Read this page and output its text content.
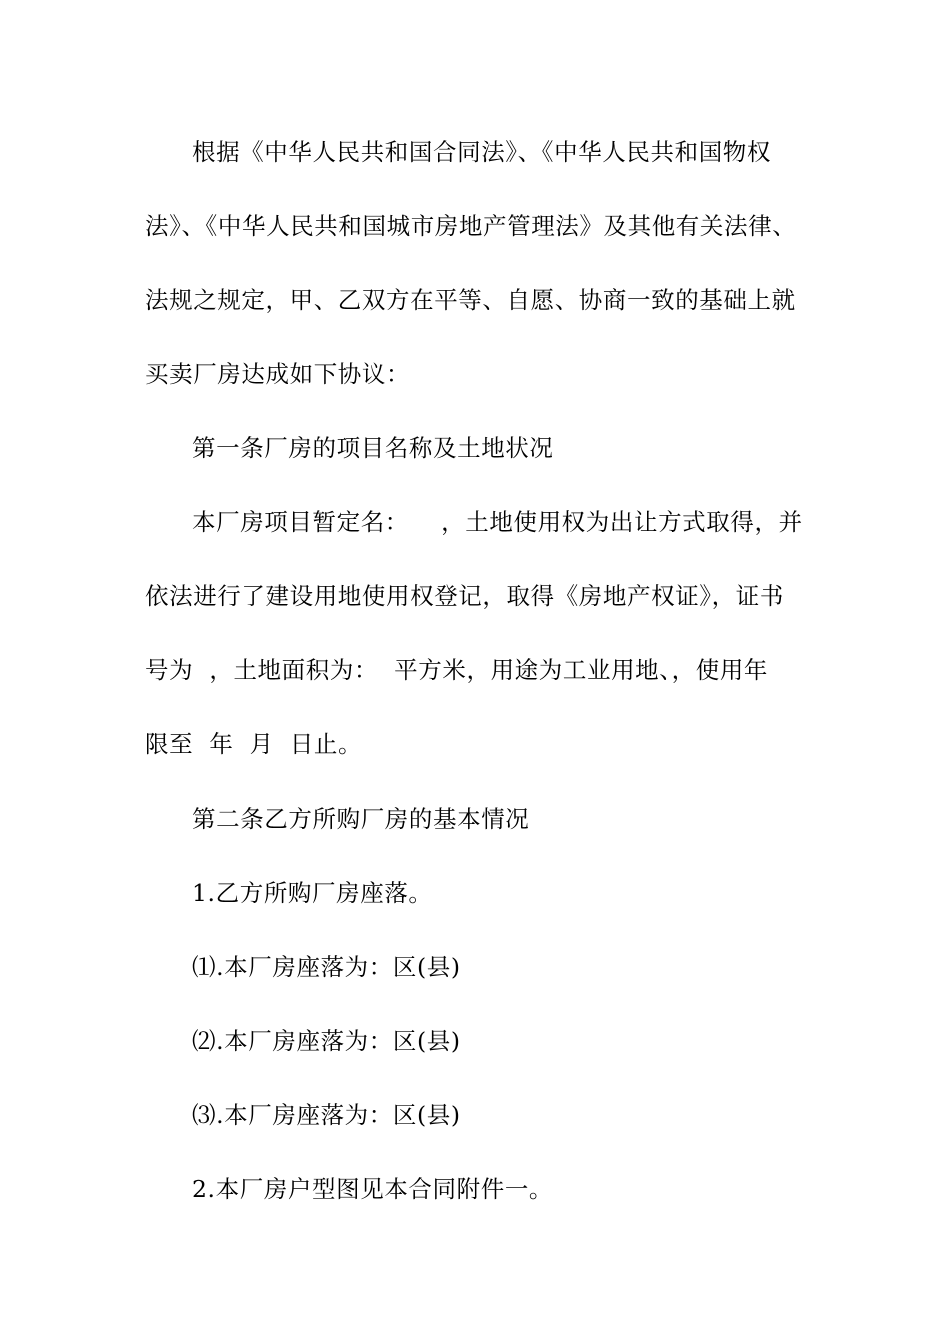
根据《中华人民共和国合同法》、《中华人民共和国物权
法》、《中华人民共和国城市房地产管理法》及其他有关法律、
法规之规定，甲、乙双方在平等、自愿、协商一致的基础上就
买卖厂房达成如下协议：
第一条厂房的项目名称及土地状况
本厂房项目暂定名：    ，土地使用权为出让方式取得，并
依法进行了建设用地使用权登记，取得《房地产权证》，证书
号为  ，土地面积为：  平方米，用途为工业用地、，使用年
限至  年  月  日止。
第二条乙方所购厂房的基本情况
1.乙方所购厂房座落。
⑴.本厂房座落为：区(县)
⑵.本厂房座落为：区(县)
⑶.本厂房座落为：区(县)
2.本厂房户型图见本合同附件一。
